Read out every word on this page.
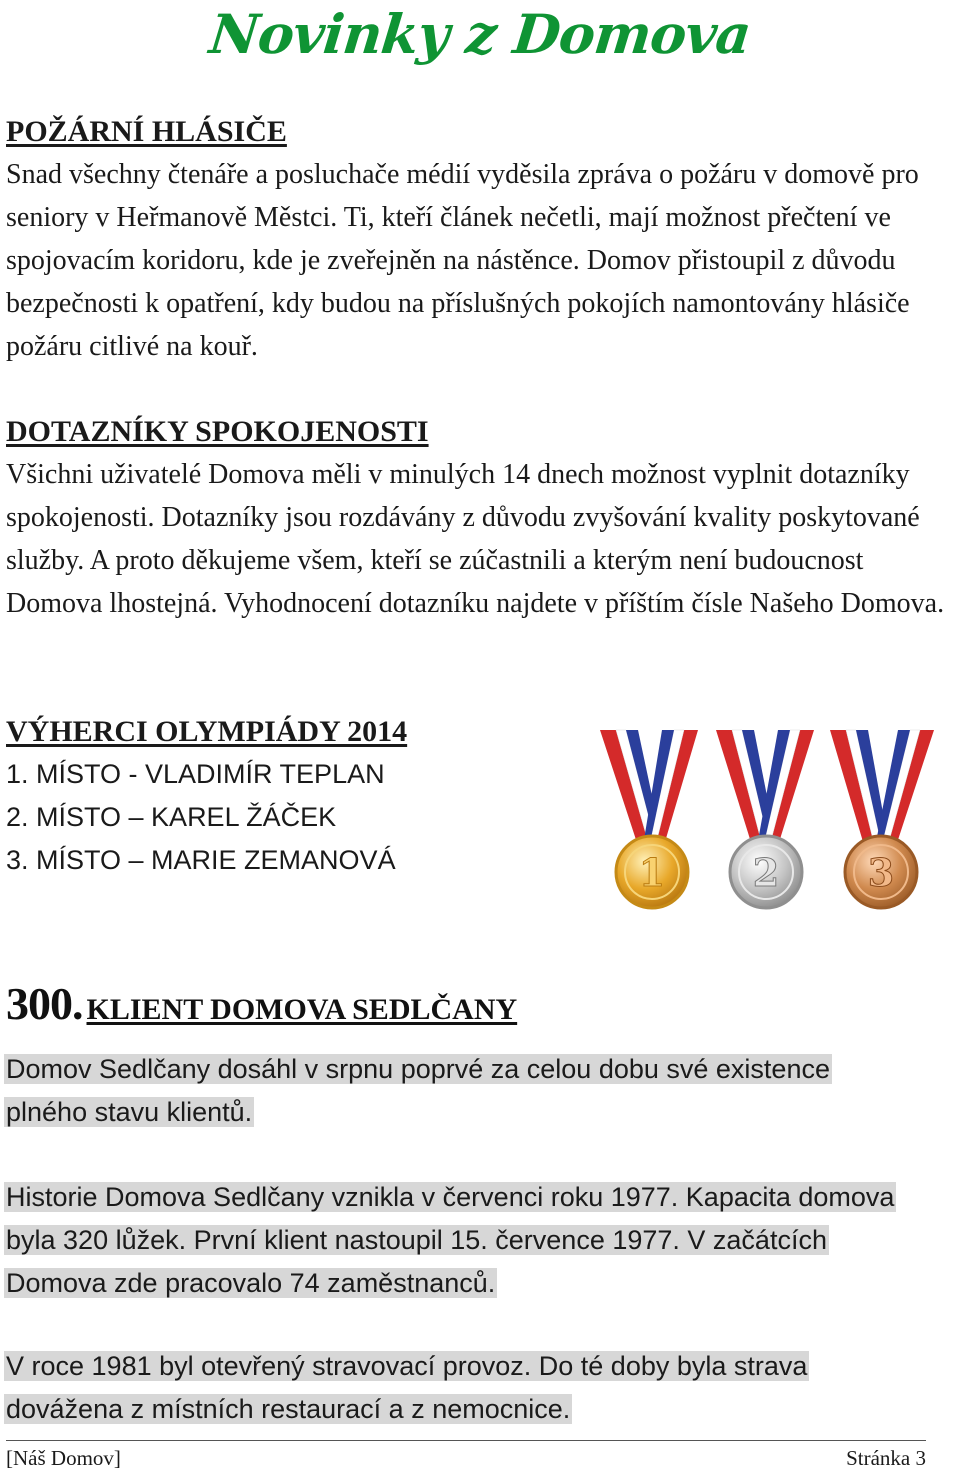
Novinky z Domova
POŽÁRNÍ HLÁSIČE

Snad všechny čtenáře a posluchače médií vyděsila zpráva o požáru v domově pro seniory v Heřmanově Městci. Ti, kteří článek nečetli, mají možnost přečtení ve spojovacím koridoru, kde je zveřejněn na nástěnce. Domov přistoupil z důvodu bezpečnosti k opatření, kdy budou na příslušných pokojích namontovány hlásiče požáru citlivé na kouř.

DOTAZNÍKY SPOKOJENOSTI

Všichni uživatelé Domova měli v minulých 14 dnech možnost vyplnit dotazníky spokojenosti. Dotazníky jsou rozdávány z důvodu zvyšování kvality poskytované služby. A proto děkujeme všem, kteří se zúčastnili a kterým není budoucnost Domova lhostejná. Vyhodnocení dotazníku najdete v příštím čísle Našeho Domova.

VÝHERCI OLYMPIÁDY 2014
1. MÍSTO - VLADIMÍR TEPLAN
2. MÍSTO – KAREL ŽÁČEK
3. MÍSTO – MARIE ZEMANOVÁ	1 2 3
300. KLIENT DOMOVA SEDLČANY

Domov Sedlčany dosáhl v srpnu poprvé za celou dobu své existence plného stavu klientů.

Historie Domova Sedlčany vznikla v červenci roku 1977. Kapacita domova byla 320 lůžek. První klient nastoupil 15. července 1977. V začátcích Domova zde pracovalo 74 zaměstnanců.

V roce 1981 byl otevřený stravovací provoz. Do té doby byla strava dovážena z místních restaurací a z nemocnice.

[Náš Domov]	Stránka 3
